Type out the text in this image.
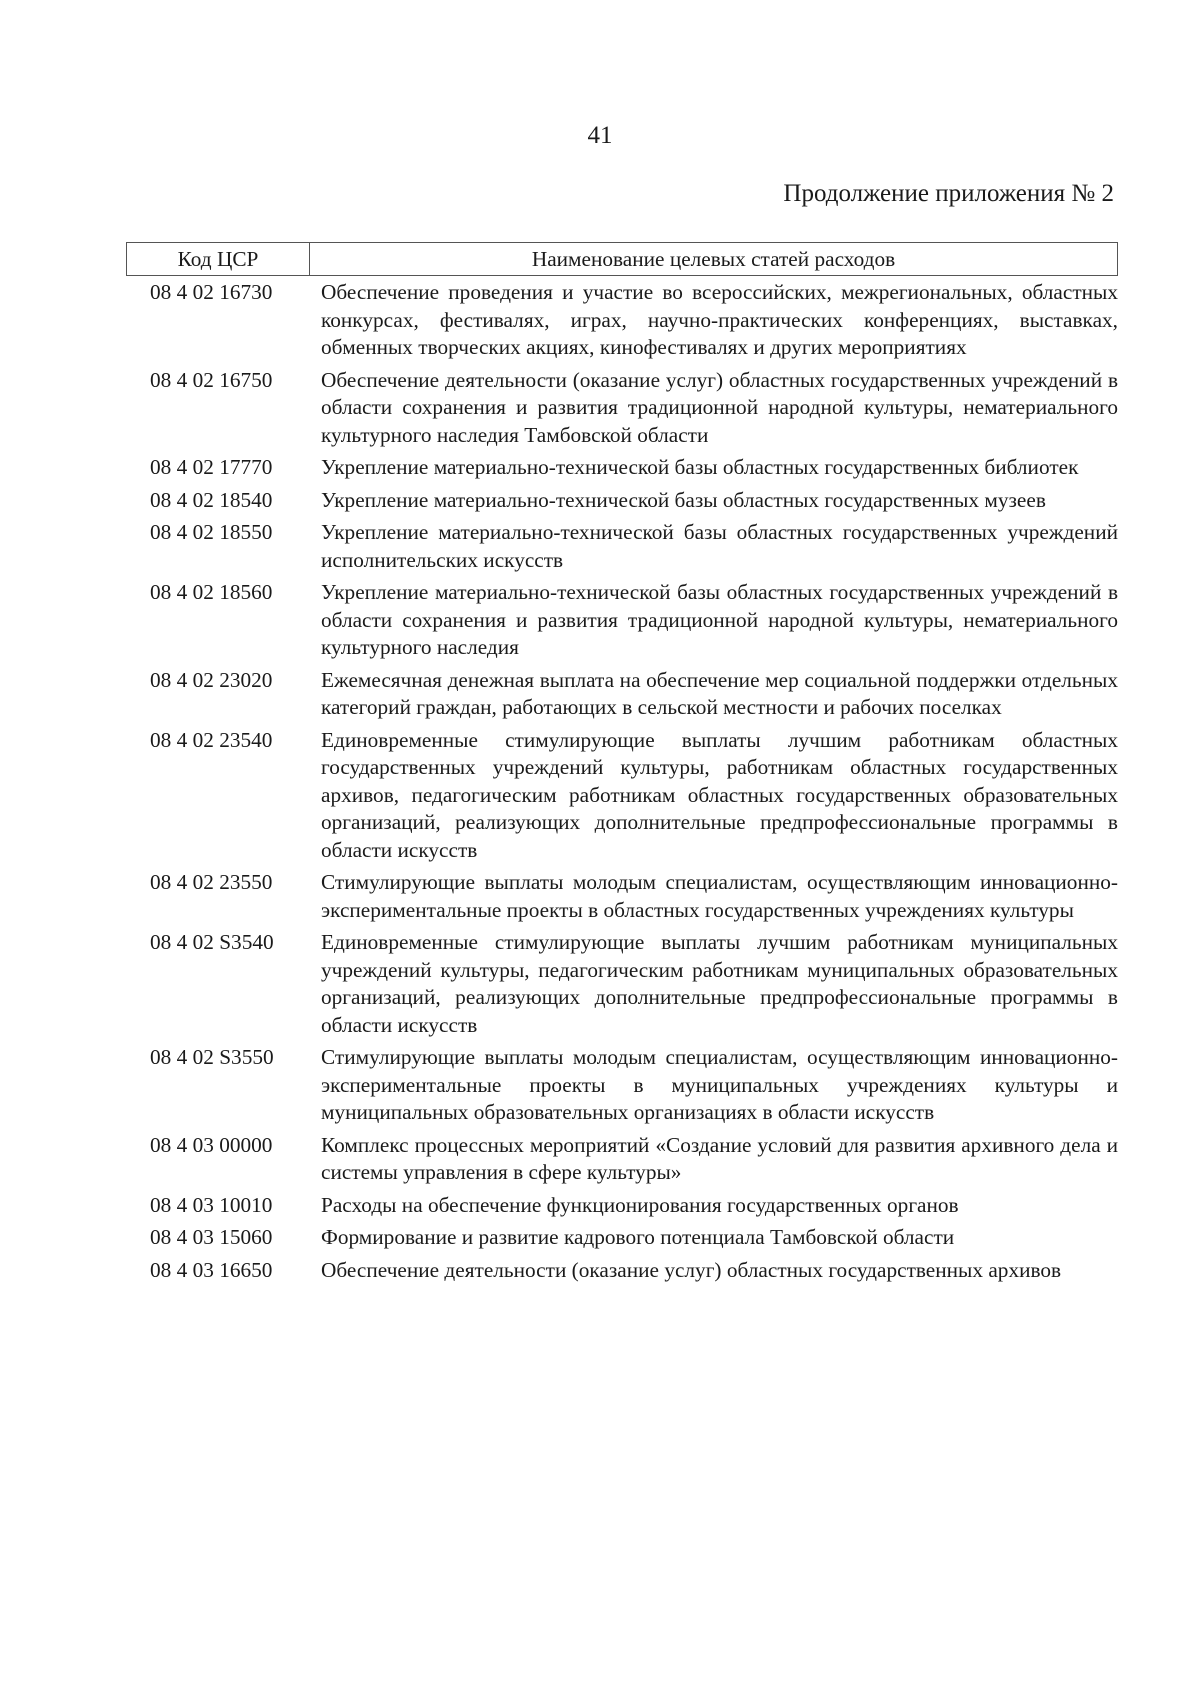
41
Продолжение приложения № 2
Код ЦСР	Наименование целевых статей расходов
08 4 02 16730	Обеспечение проведения и участие во всероссийских, межрегиональных, областных конкурсах, фестивалях, играх, научно-практических конференциях, выставках, обменных творческих акциях, кинофестивалях и других мероприятиях
08 4 02 16750	Обеспечение деятельности (оказание услуг) областных государственных учреждений в области сохранения и развития традиционной народной культуры, нематериального культурного наследия Тамбовской области
08 4 02 17770	Укрепление материально-технической базы областных государственных библиотек
08 4 02 18540	Укрепление материально-технической базы областных государственных музеев
08 4 02 18550	Укрепление материально-технической базы областных государственных учреждений исполнительских искусств
08 4 02 18560	Укрепление материально-технической базы областных государственных учреждений в области сохранения и развития традиционной народной культуры, нематериального культурного наследия
08 4 02 23020	Ежемесячная денежная выплата на обеспечение мер социальной поддержки отдельных категорий граждан, работающих в сельской местности и рабочих поселках
08 4 02 23540	Единовременные стимулирующие выплаты лучшим работникам областных государственных учреждений культуры, работникам областных государственных архивов, педагогическим работникам областных государственных образовательных организаций, реализующих дополнительные предпрофессиональные программы в области искусств
08 4 02 23550	Стимулирующие выплаты молодым специалистам, осуществляющим инновационно-экспериментальные проекты в областных государственных учреждениях культуры
08 4 02 S3540	Единовременные стимулирующие выплаты лучшим работникам муниципальных учреждений культуры, педагогическим работникам муниципальных образовательных организаций, реализующих дополнительные предпрофессиональные программы в области искусств
08 4 02 S3550	Стимулирующие выплаты молодым специалистам, осуществляющим инновационно-экспериментальные проекты в муниципальных учреждениях культуры и муниципальных образовательных организациях в области искусств
08 4 03 00000	Комплекс процессных мероприятий «Создание условий для развития архивного дела и системы управления в сфере культуры»
08 4 03 10010	Расходы на обеспечение функционирования государственных органов
08 4 03 15060	Формирование и развитие кадрового потенциала Тамбовской области
08 4 03 16650	Обеспечение деятельности (оказание услуг) областных государственных архивов
